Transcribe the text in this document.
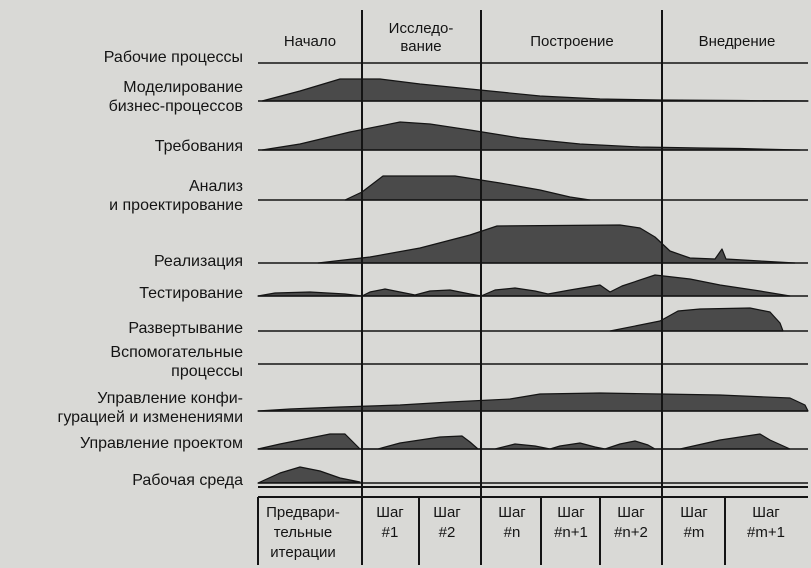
Начало
Исследо-
вание	Построение	Внедрение
Рабочие процессы
Моделирование
бизнес-процессов
Требования
Анализ
и проектирование
Реализация
Тестирование
Развертывание
Вспомогательные
процессы
Управление конфи-
гурацией и изменениями
Управление проектом
Рабочая среда
Предвари-
тельные
итерации
Шаг
#1
Шаг
#2
Шаг
#n
Шаг
#n+1
Шаг
#n+2
Шаг
#m
Шаг
#m+1
